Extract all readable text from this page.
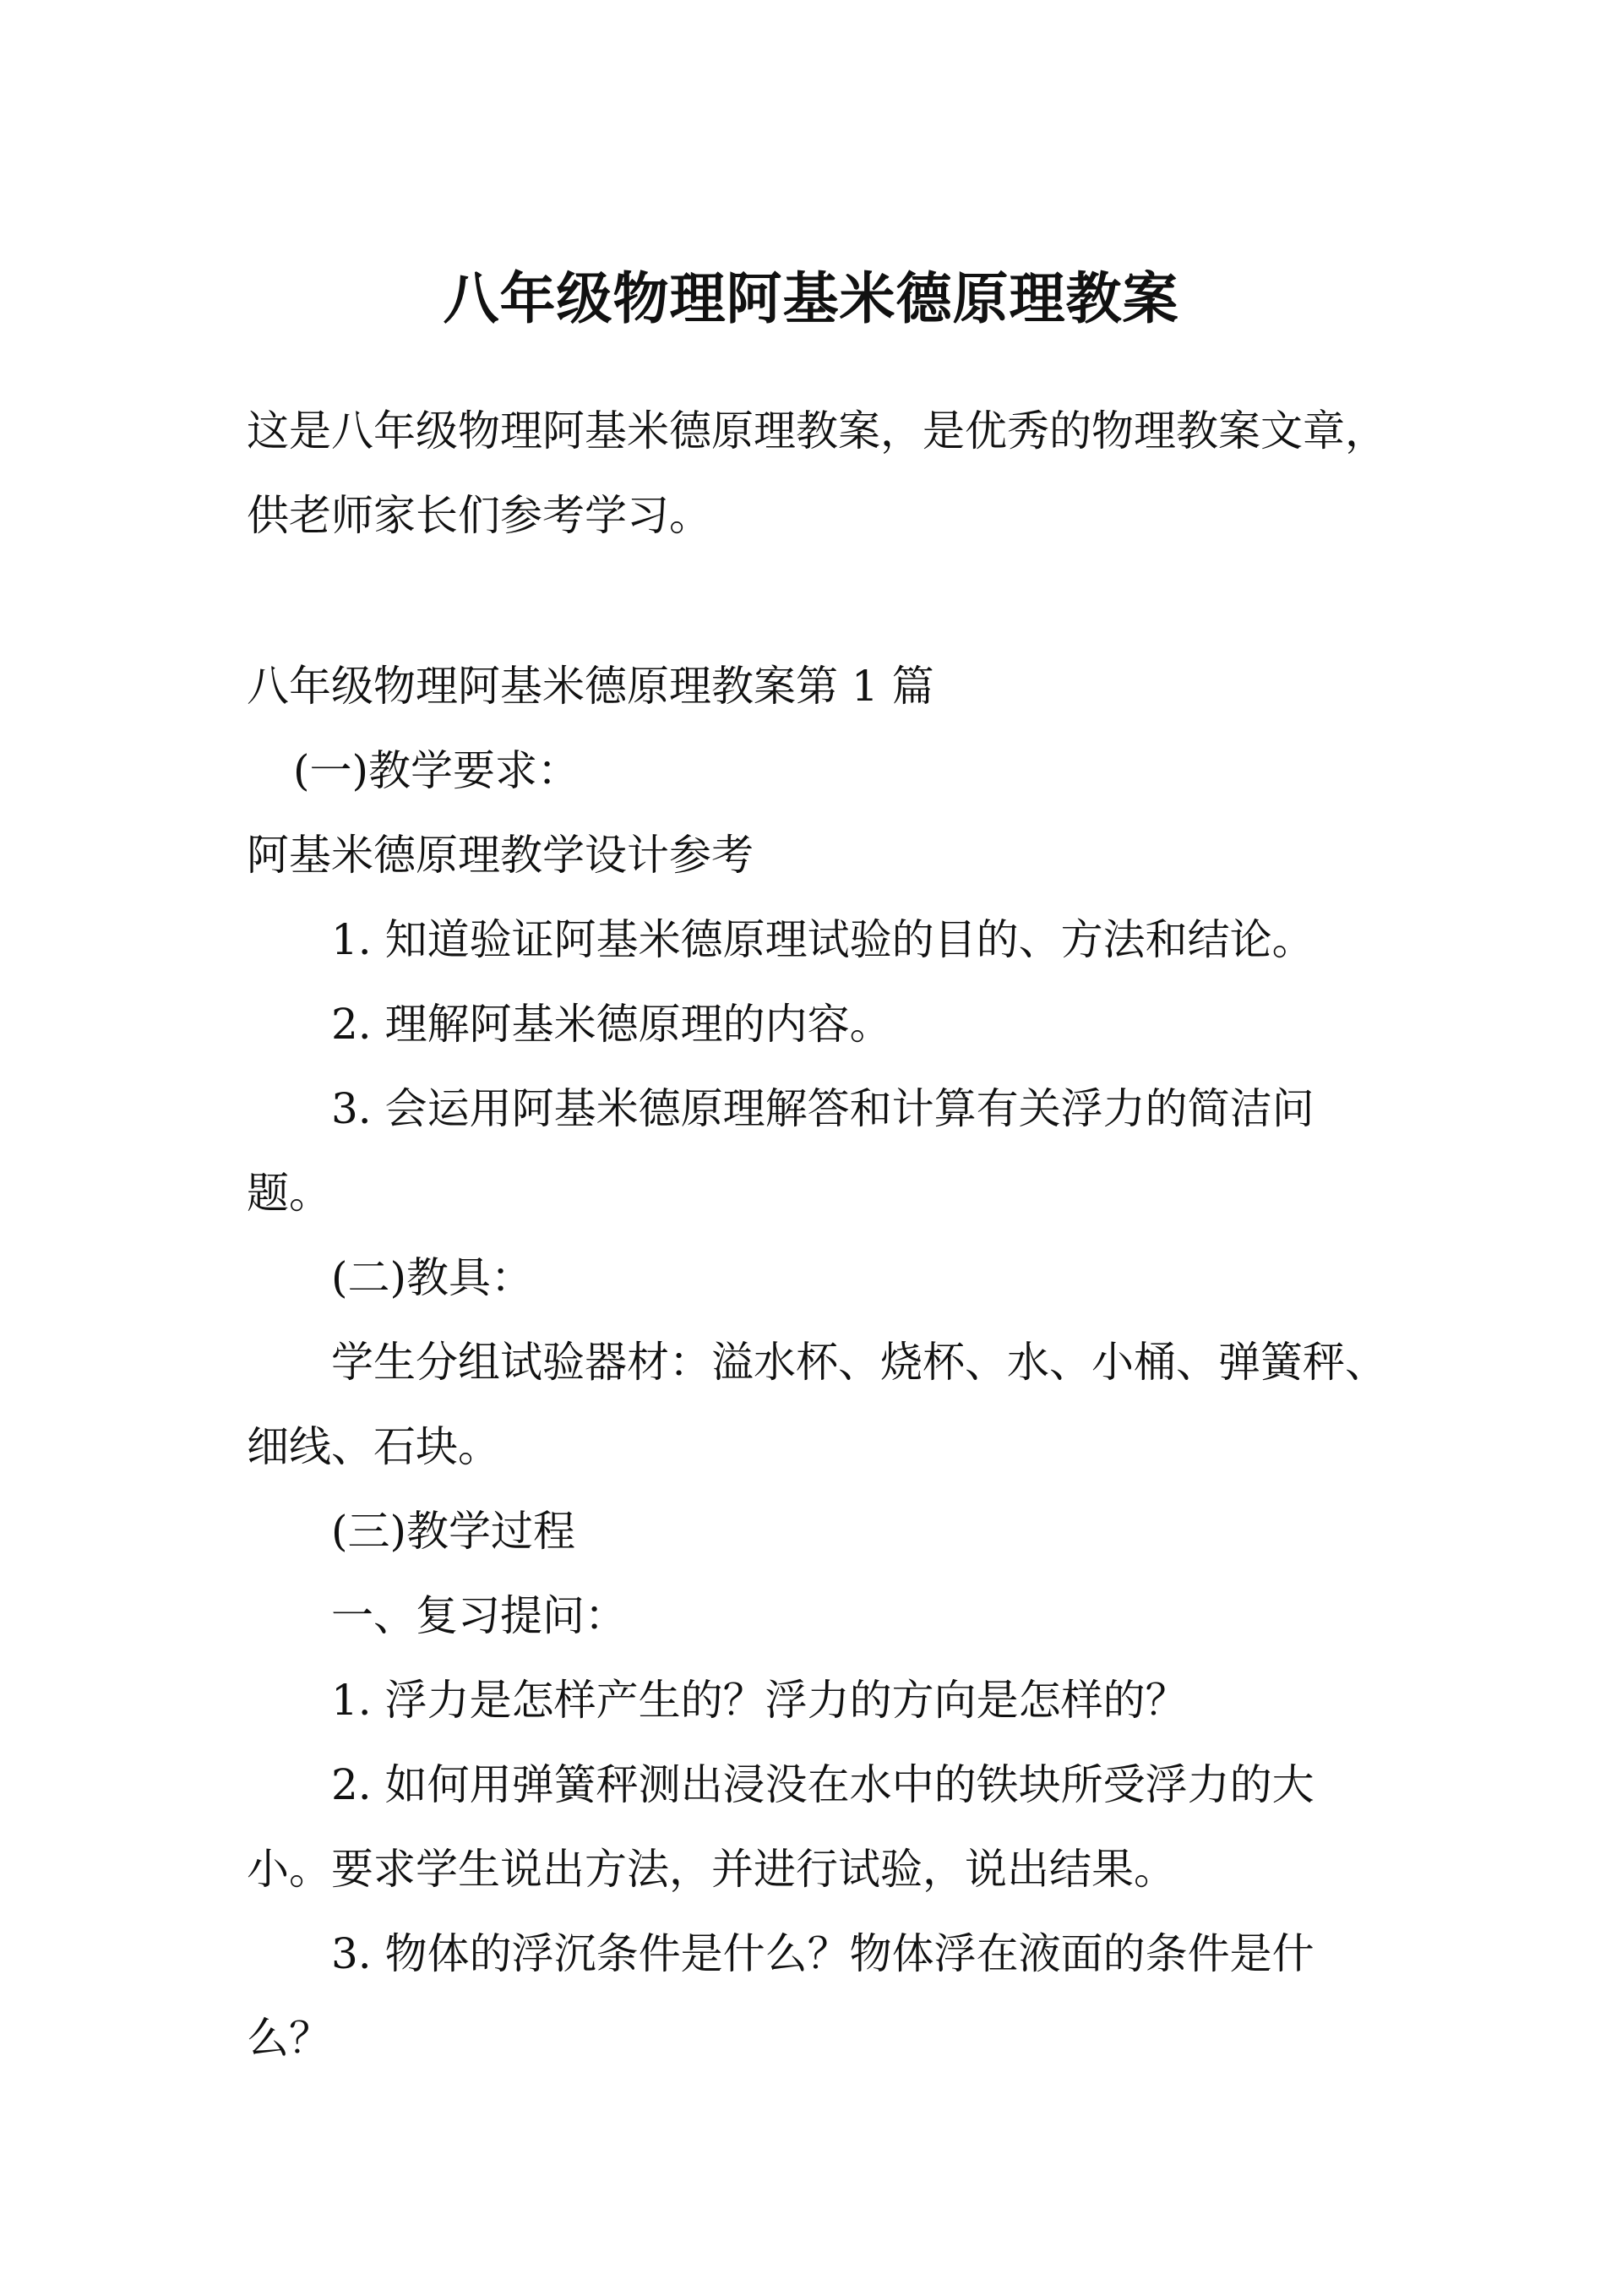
八年级物理阿基米德原理教案
这是八年级物理阿基米德原理教案，是优秀的物理教案文章，
供老师家长们参考学习。
八年级物理阿基米德原理教案第 1 篇
(一)教学要求：
阿基米德原理教学设计参考
1. 知道验证阿基米德原理试验的目的、方法和结论。
2. 理解阿基米德原理的内容。
3. 会运用阿基米德原理解答和计算有关浮力的简洁问
题。
(二)教具：
学生分组试验器材：溢水杯、烧杯、水、小桶、弹簧秤、
细线、石块。
(三)教学过程
一、复习提问：
1. 浮力是怎样产生的？浮力的方向是怎样的？
2. 如何用弹簧秤测出浸没在水中的铁块所受浮力的大
小。要求学生说出方法，并进行试验，说出结果。
3. 物体的浮沉条件是什么？物体浮在液面的条件是什
么？
